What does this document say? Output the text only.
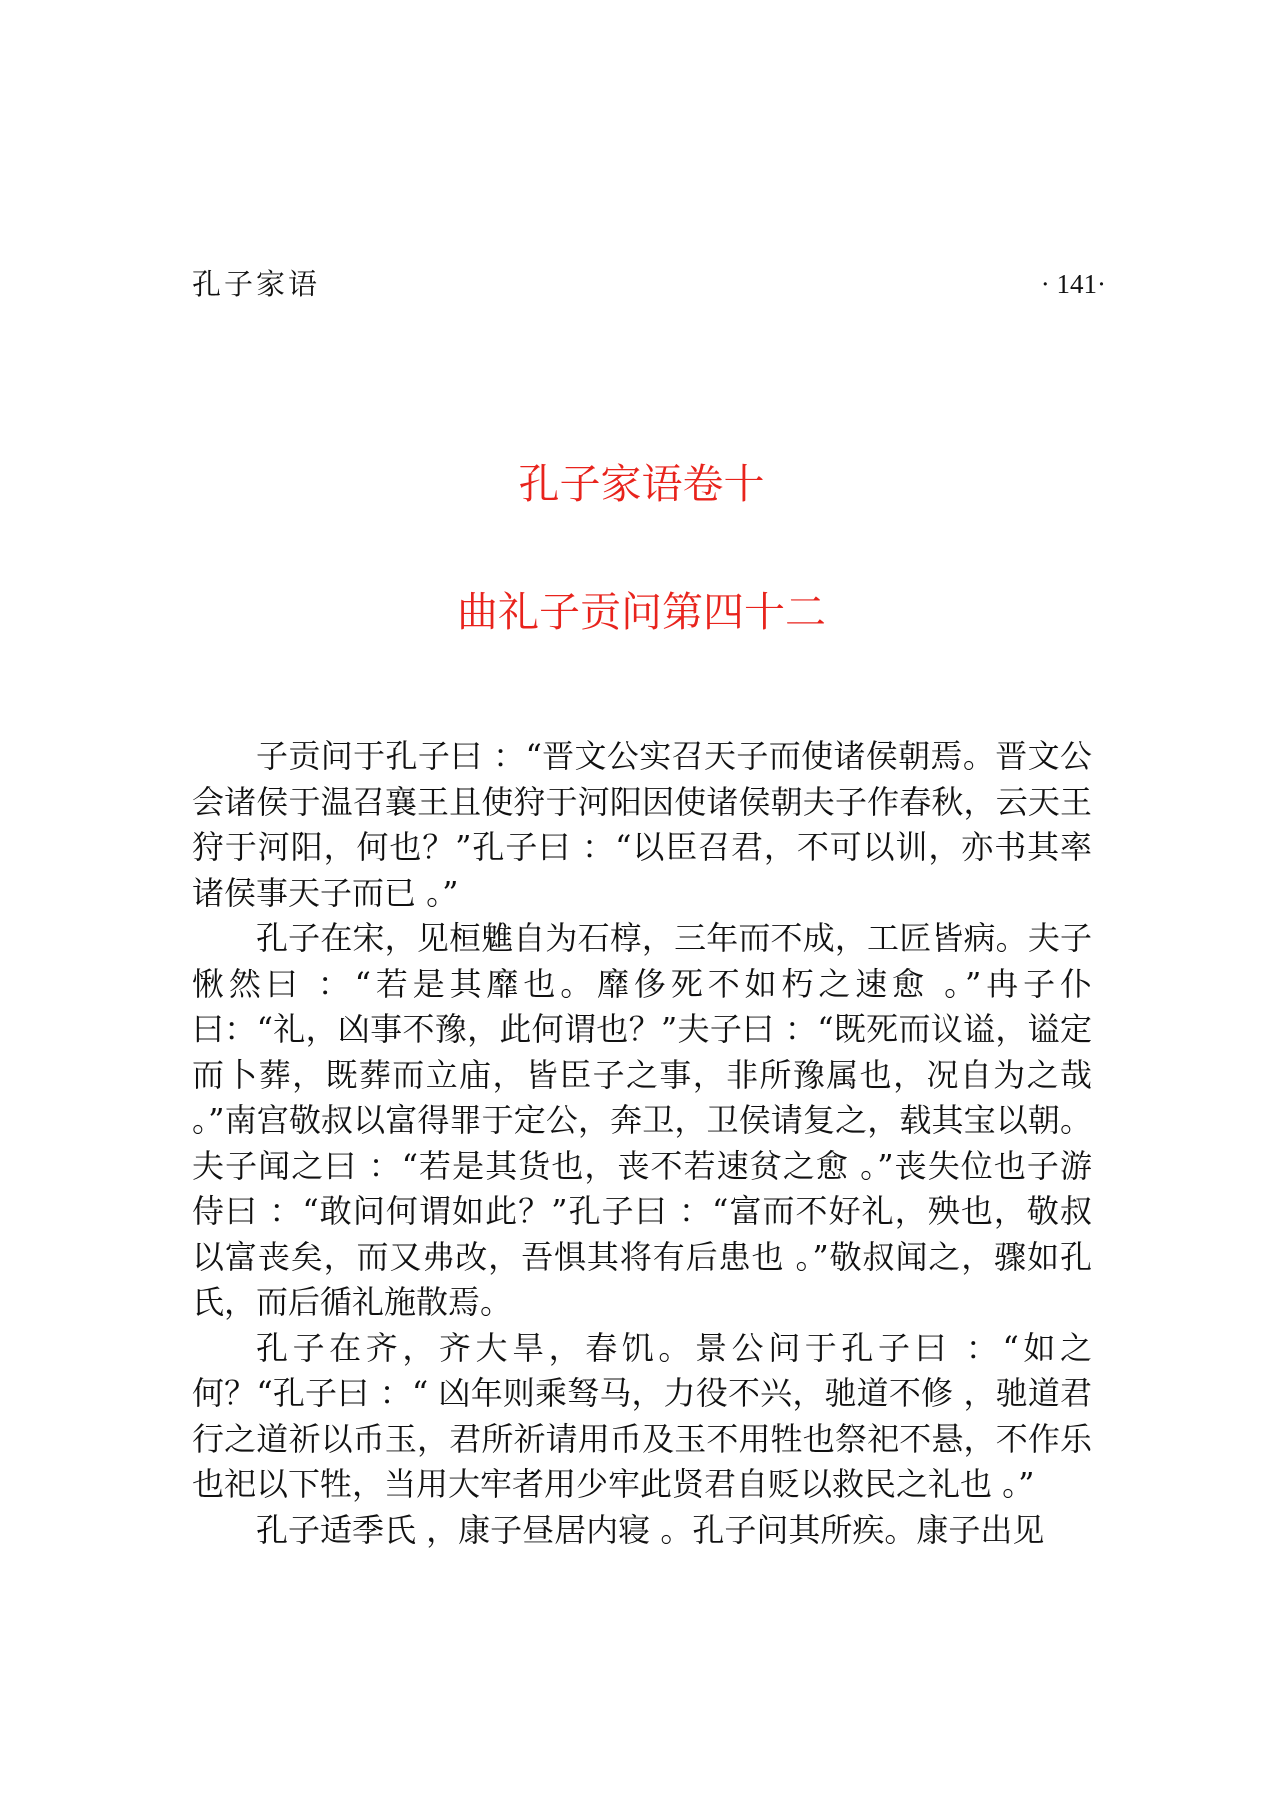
孔子家语	· 141·
孔子家语卷十
曲礼子贡问第四十二

子贡问于孔子曰 ：“晋文公实召天子而使诸侯朝焉。晋文公会诸侯于温召襄王且使狩于河阳因使诸侯朝夫子作春秋，云天王狩于河阳，何也？”孔子曰 ：“以臣召君，不可以训，亦书其率诸侯事天子而已 。”

孔子在宋，见桓魋自为石椁，三年而不成，工匠皆病。夫子愀然曰 ：“若是其靡也。靡侈死不如朽之速愈 。”冉子仆曰：“礼，凶事不豫，此何谓也？”夫子曰 ：“既死而议谥，谥定而卜葬，既葬而立庙，皆臣子之事，非所豫属也，况自为之哉 。”南宫敬叔以富得罪于定公，奔卫，卫侯请复之，载其宝以朝。夫子闻之曰 ：“若是其货也，丧不若速贫之愈 。”丧失位也子游侍曰 ：“敢问何谓如此？”孔子曰 ：“富而不好礼，殃也，敬叔以富丧矣，而又弗改，吾惧其将有后患也 。”敬叔闻之，骤如孔氏，而后循礼施散焉。

孔子在齐，齐大旱，春饥。景公问于孔子曰 ：“如之何？“孔子曰 ：“ 凶年则乘驽马，力役不兴，驰道不修 ，驰道君行之道祈以币玉，君所祈请用币及玉不用牲也祭祀不悬，不作乐也祀以下牲，当用大牢者用少牢此贤君自贬以救民之礼也 。”

孔子适季氏 ，康子昼居内寝 。孔子问其所疾。康子出见
